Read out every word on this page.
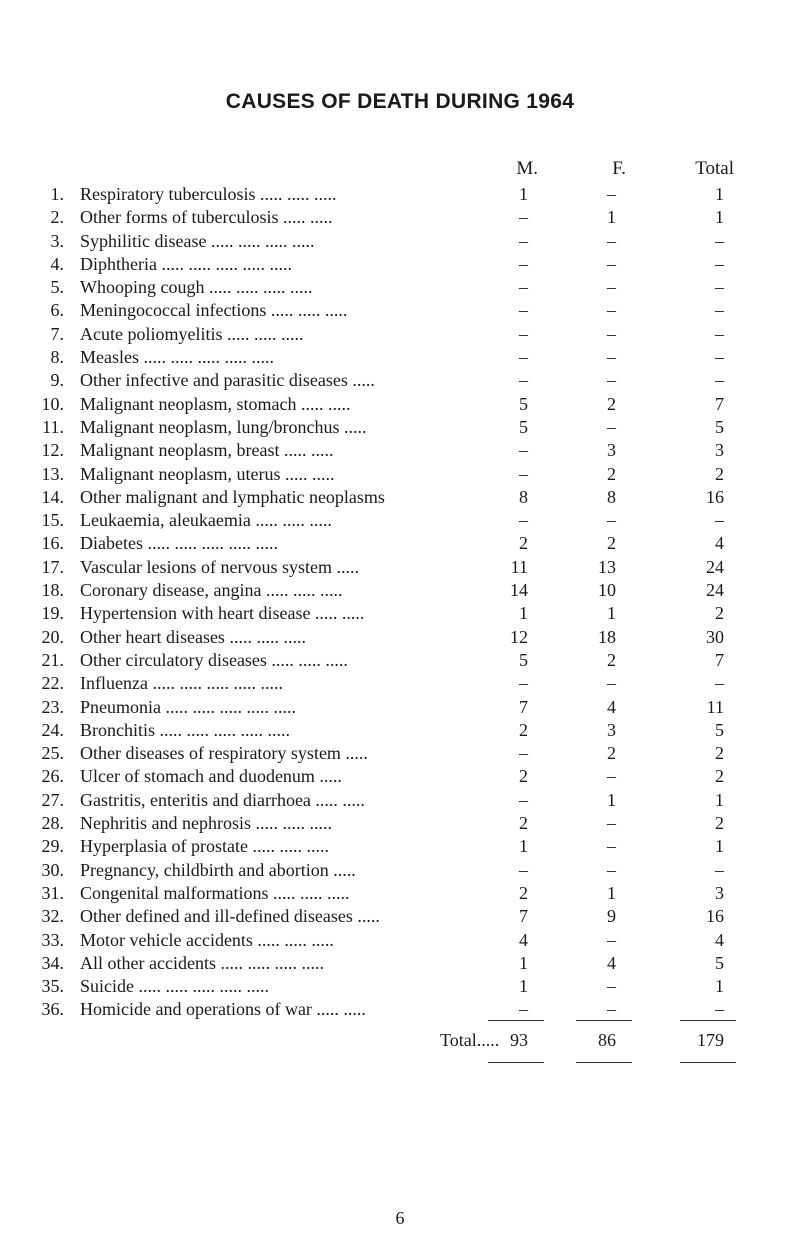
CAUSES OF DEATH DURING 1964
M.	F.	Total
1. Respiratory tuberculosis ..... ..... .....	1	–	1
2. Other forms of tuberculosis ..... .....	–	1	1
3. Syphilitic disease ..... ..... ..... .....	–	–	–
4. Diphtheria ..... ..... ..... ..... .....	–	–	–
5. Whooping cough ..... ..... ..... .....	–	–	–
6. Meningococcal infections ..... ..... .....	–	–	–
7. Acute poliomyelitis ..... ..... .....	–	–	–
8. Measles ..... ..... ..... ..... .....	–	–	–
9. Other infective and parasitic diseases .....	–	–	–
10. Malignant neoplasm, stomach ..... .....	5	2	7
11. Malignant neoplasm, lung/bronchus .....	5	–	5
12. Malignant neoplasm, breast ..... .....	–	3	3
13. Malignant neoplasm, uterus ..... .....	–	2	2
14. Other malignant and lymphatic neoplasms	8	8	16
15. Leukaemia, aleukaemia ..... ..... .....	–	–	–
16. Diabetes ..... ..... ..... ..... .....	2	2	4
17. Vascular lesions of nervous system .....	11	13	24
18. Coronary disease, angina ..... ..... .....	14	10	24
19. Hypertension with heart disease ..... .....	1	1	2
20. Other heart diseases ..... ..... .....	12	18	30
21. Other circulatory diseases ..... ..... .....	5	2	7
22. Influenza ..... ..... ..... ..... .....	–	–	–
23. Pneumonia ..... ..... ..... ..... .....	7	4	11
24. Bronchitis ..... ..... ..... ..... .....	2	3	5
25. Other diseases of respiratory system .....	–	2	2
26. Ulcer of stomach and duodenum .....	2	–	2
27. Gastritis, enteritis and diarrhoea ..... .....	–	1	1
28. Nephritis and nephrosis ..... ..... .....	2	–	2
29. Hyperplasia of prostate ..... ..... .....	1	–	1
30. Pregnancy, childbirth and abortion .....	–	–	–
31. Congenital malformations ..... ..... .....	2	1	3
32. Other defined and ill-defined diseases .....	7	9	16
33. Motor vehicle accidents ..... ..... .....	4	–	4
34. All other accidents ..... ..... ..... .....	1	4	5
35. Suicide ..... ..... ..... ..... .....	1	–	1
36. Homicide and operations of war ..... .....	–	–	–
Total..... 93	86	179
6
